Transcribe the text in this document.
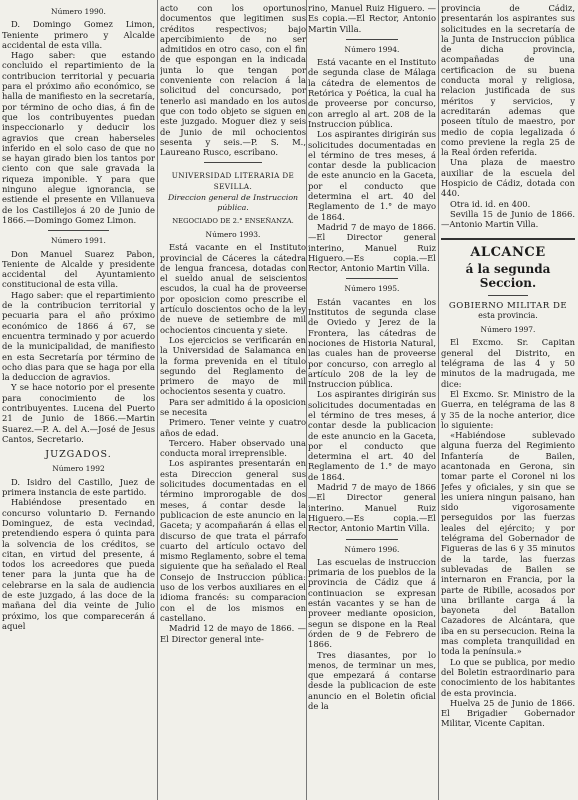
Número 1990.

D. Domingo Gomez Limon, Teniente primero y Alcalde accidental de esta villa.

Hago saber: que estando concluido el repartimiento de la contribucion territorial y pecuaria para el próximo año económico, se halla de manifiesto en la secretaría, por término de ocho dias, á fin de que los contribuyentes puedan inspeccionarlo y deducir los agravios que crean haberseles inferido en el solo caso de que no se hayan girado bien los tantos por ciento con que sale gravada la riqueza imponible. Y para que ninguno alegue ignorancia, se estiende el presente en Villanueva de los Castillejos á 20 de Junio de 1866.—Domingo Gomez Limon.

Número 1991.

Don Manuel Suarez Pabon, Teniente de Alcalde y presidente accidental del Ayuntamiento constitucional de esta villa.

Hago saber: que el repartimiento de la contribucion territorial y pecuaria para el año próximo económico de 1866 á 67, se encuentra terminado y por acuerdo de la municipalidad, de manifiesto en esta Secretaría por término de ocho dias para que se haga por ella la deduccion de agravios.

Y se hace notorio por el presente para conocimiento de los contribuyentes. Lucena del Puerto 21 de Junio de 1866.—Martin Suarez.—P. A. del A.—José de Jesus Cantos, Secretario.

JUZGADOS.
Número 1992

D. Isidro del Castillo, Juez de primera instancia de este partido.

Habiéndose presentado en concurso voluntario D. Fernando Dominguez, de esta vecindad, pretendiendo espera ó quinta para la solvencia de los créditos, se citan, en virtud del presente, á todos los acreedores que pueda tener para la junta que ha de celebrarse en la sala de audiencia de este juzgado, á las doce de la mañana del dia veinte de Julio próximo, los que comparecerán á aquel

acto con los oportunos documentos que legitimen sus créditos respectivos; bajo apercibimiento de no ser admitidos en otro caso, con el fin de que espongan en la indicada junta lo que tengan por conveniente con relacion á la solicitud del concursado, por tenerlo asi mandado en los autos que con todo objeto se siguen en este juzgado. Moguer diez y seis de Junio de mil ochocientos sesenta y seis.—P. S. M., Laureano Rusco, escribano.

UNIVERSIDAD LITERARIA DE SEVILLA.
Direccion general de Instruccion pública.
NEGOCIADO DE 2.° ENSEÑANZA.
Número 1993.

Está vacante en el Instituto provincial de Cáceres la cátedra de lengua francesa, dotadas con el sueldo anual de seiscientos escudos, la cual ha de proveerse por oposicion como prescribe el artículo doscientos ocho de la ley de nueve de setiembre de mil ochocientos cincuenta y siete.

Los ejercicios se verificarán en la Universidad de Salamanca en la forma prevenida en el título segundo del Reglamento de primero de mayo de mil ochocientos sesenta y cuatro.

Para ser admitido á la oposicion se necesita

Primero. Tener veinte y cuatro años de edad.

Tercero. Haber observado una conducta moral irreprensible.

Los aspirantes presentarán en esta Direccion general sus solicitudes documentadas en el término improrogable de dos meses, á contar desde la publicacion de este anuncio en la Gaceta; y acompañarán á ellas el discurso de que trata el párrafo cuarto del artículo octavo del mismo Reglamento, sobre el tema siguiente que ha señalado el Real Consejo de Instruccion pública: uso de los verbos auxiliares en el idioma francés: su comparacion con el de los mismos en castellano.

Madrid 12 de mayo de 1866. —El Director general inte-

rino, Manuel Ruiz Higuero. —Es copia.—El Rector, Antonio Martin Villa.

Número 1994.

Está vacante en el Instituto de segunda clase de Málaga la cátedra de elementos de Retórica y Poética, la cual ha de proveerse por concurso, con arreglo al art. 208 de la Instruccion pública.

Los aspirantes dirigirán sus solicitudes documentadas en el término de tres meses, á contar desde la publicacion de este anuncio en la Gaceta, por el conducto que determina el art. 40 del Reglamento de 1.° de mayo de 1864.

Madrid 7 de mayo de 1866. —El Director general interino, Manuel Ruiz Higuero.—Es copia.—El Rector, Antonio Martin Villa.

Número 1995.

Están vacantes en los Institutos de segunda clase de Oviedo y Jerez de la Frontera, las cátedras de nociones de Historia Natural, las cuales han de proveerse por concurso, con arreglo al artículo 208 de la ley de Instruccion pública.

Los aspirantes dirigirán sus solicitudes documentadas en el término de tres meses, á contar desde la publicacion de este anuncio en la Gaceta, por el conducto que determina el art. 40 del Reglamento de 1.° de mayo de 1864.

Madrid 7 de mayo de 1866 —El Director general interino. Manuel Ruiz Higuero.—Es copia.—El Rector, Antonio Martin Villa.

Número 1996.

Las escuelas de instruccion primaria de los pueblos de la provincia de Cádiz que á continuacion se expresan están vacantes y se han de proveer mediante oposicion, segun se dispone en la Real órden de 9 de Febrero de 1866.

Tres diasantes, por lo menos, de terminar un mes, que empezará á contarse desde la publicacion de este anuncio en el Boletin oficial de la

provincia de Cádiz, presentarán los aspirantes sus solicitudes en la secretaría de la Junta de Instruccion pública de dicha provincia, acompañadas de una certificacion de su buena conducta moral y religiosa, relacion justificada de sus méritos y servicios, y acreditarán ademas que poseen título de maestro, por medio de copia legalizada ó como previene la regla 25 de la Real órden referida.

Una plaza de maestro auxiliar de la escuela del Hospicio de Cádiz, dotada con 440.

Otra id. id. en 400.

Sevilla 15 de Junio de 1866.—Antonio Martin Villa.

ALCANCE
á la segunda Seccion.
GOBIERNO MILITAR DE
esta provincia.
Número 1997.

El Excmo. Sr. Capitan general del Distrito, en telégrama de las 4 y 50 minutos de la madrugada, me dice:

El Excmo. Sr. Ministro de la Guerra, en telégrama de las 8 y 35 de la noche anterior, dice lo siguiente:

«Habiéndose sublevado alguna fuerza del Regimiento Infantería de Bailen, acantonada en Gerona, sin tomar parte el Coronel ni los Jefes y oficiales, y sin que se les uniera ningun paisano, han sido vigorosamente perseguidos por las fuerzas leales del ejército; y por telégrama del Gobernador de Figueras de las 6 y 35 minutos de la tarde, las fuerzas sublevadas de Bailen se internaron en Francia, por la parte de Ribille, acosados por una brillante carga á la bayoneta del Batallon Cazadores de Alcántara, que iba en su persecucion. Reina la mas completa tranquilidad en toda la península.»

Lo que se publica, por medio del Boletin estraordinario para conocimiento de los habitantes de esta provincia.

Huelva 25 de Junio de 1866. El Brigadier Gobernador Militar, Vicente Capitan.
